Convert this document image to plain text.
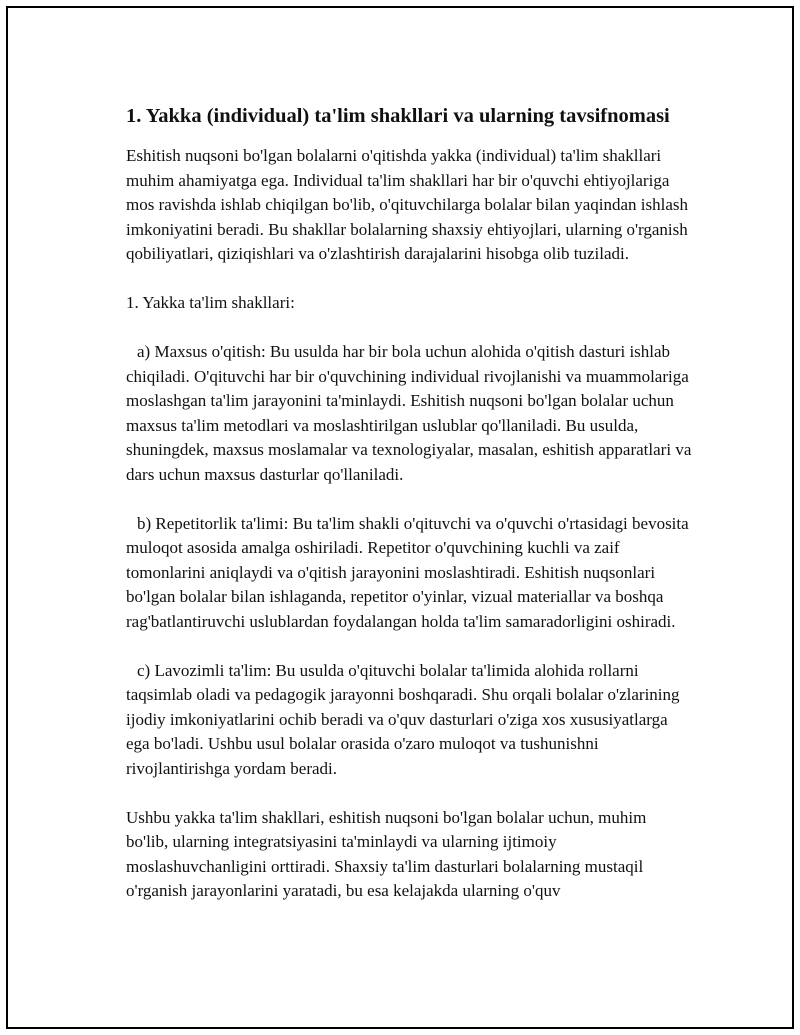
1. Yakka (individual) ta'lim shakllari va ularning tavsifnomasi

Eshitish nuqsoni bo'lgan bolalarni o'qitishda yakka (individual) ta'lim shakllari muhim ahamiyatga ega. Individual ta'lim shakllari har bir o'quvchi ehtiyojlariga mos ravishda ishlab chiqilgan bo'lib, o'qituvchilarga bolalar bilan yaqindan ishlash imkoniyatini beradi. Bu shakllar bolalarning shaxsiy ehtiyojlari, ularning o'rganish qobiliyatlari, qiziqishlari va o'zlashtirish darajalarini hisobga olib tuziladi.

1. Yakka ta'lim shakllari:

a) Maxsus o'qitish: Bu usulda har bir bola uchun alohida o'qitish dasturi ishlab chiqiladi. O'qituvchi har bir o'quvchining individual rivojlanishi va muammolariga moslashgan ta'lim jarayonini ta'minlaydi. Eshitish nuqsoni bo'lgan bolalar uchun maxsus ta'lim metodlari va moslashtirilgan uslublar qo'llaniladi. Bu usulda, shuningdek, maxsus moslamalar va texnologiyalar, masalan, eshitish apparatlari va dars uchun maxsus dasturlar qo'llaniladi.

b) Repetitorlik ta'limi: Bu ta'lim shakli o'qituvchi va o'quvchi o'rtasidagi bevosita muloqot asosida amalga oshiriladi. Repetitor o'quvchining kuchli va zaif tomonlarini aniqlaydi va o'qitish jarayonini moslashtiradi. Eshitish nuqsonlari bo'lgan bolalar bilan ishlaganda, repetitor o'yinlar, vizual materiallar va boshqa rag'batlantiruvchi uslublardan foydalangan holda ta'lim samaradorligini oshiradi.

c) Lavozimli ta'lim: Bu usulda o'qituvchi bolalar ta'limida alohida rollarni taqsimlab oladi va pedagogik jarayonni boshqaradi. Shu orqali bolalar o'zlarining ijodiy imkoniyatlarini ochib beradi va o'quv dasturlari o'ziga xos xususiyatlarga ega bo'ladi. Ushbu usul bolalar orasida o'zaro muloqot va tushunishni rivojlantirishga yordam beradi.

Ushbu yakka ta'lim shakllari, eshitish nuqsoni bo'lgan bolalar uchun, muhim bo'lib, ularning integratsiyasini ta'minlaydi va ularning ijtimoiy moslashuvchanligini orttiradi. Shaxsiy ta'lim dasturlari bolalarning mustaqil o'rganish jarayonlarini yaratadi, bu esa kelajakda ularning o'quv
